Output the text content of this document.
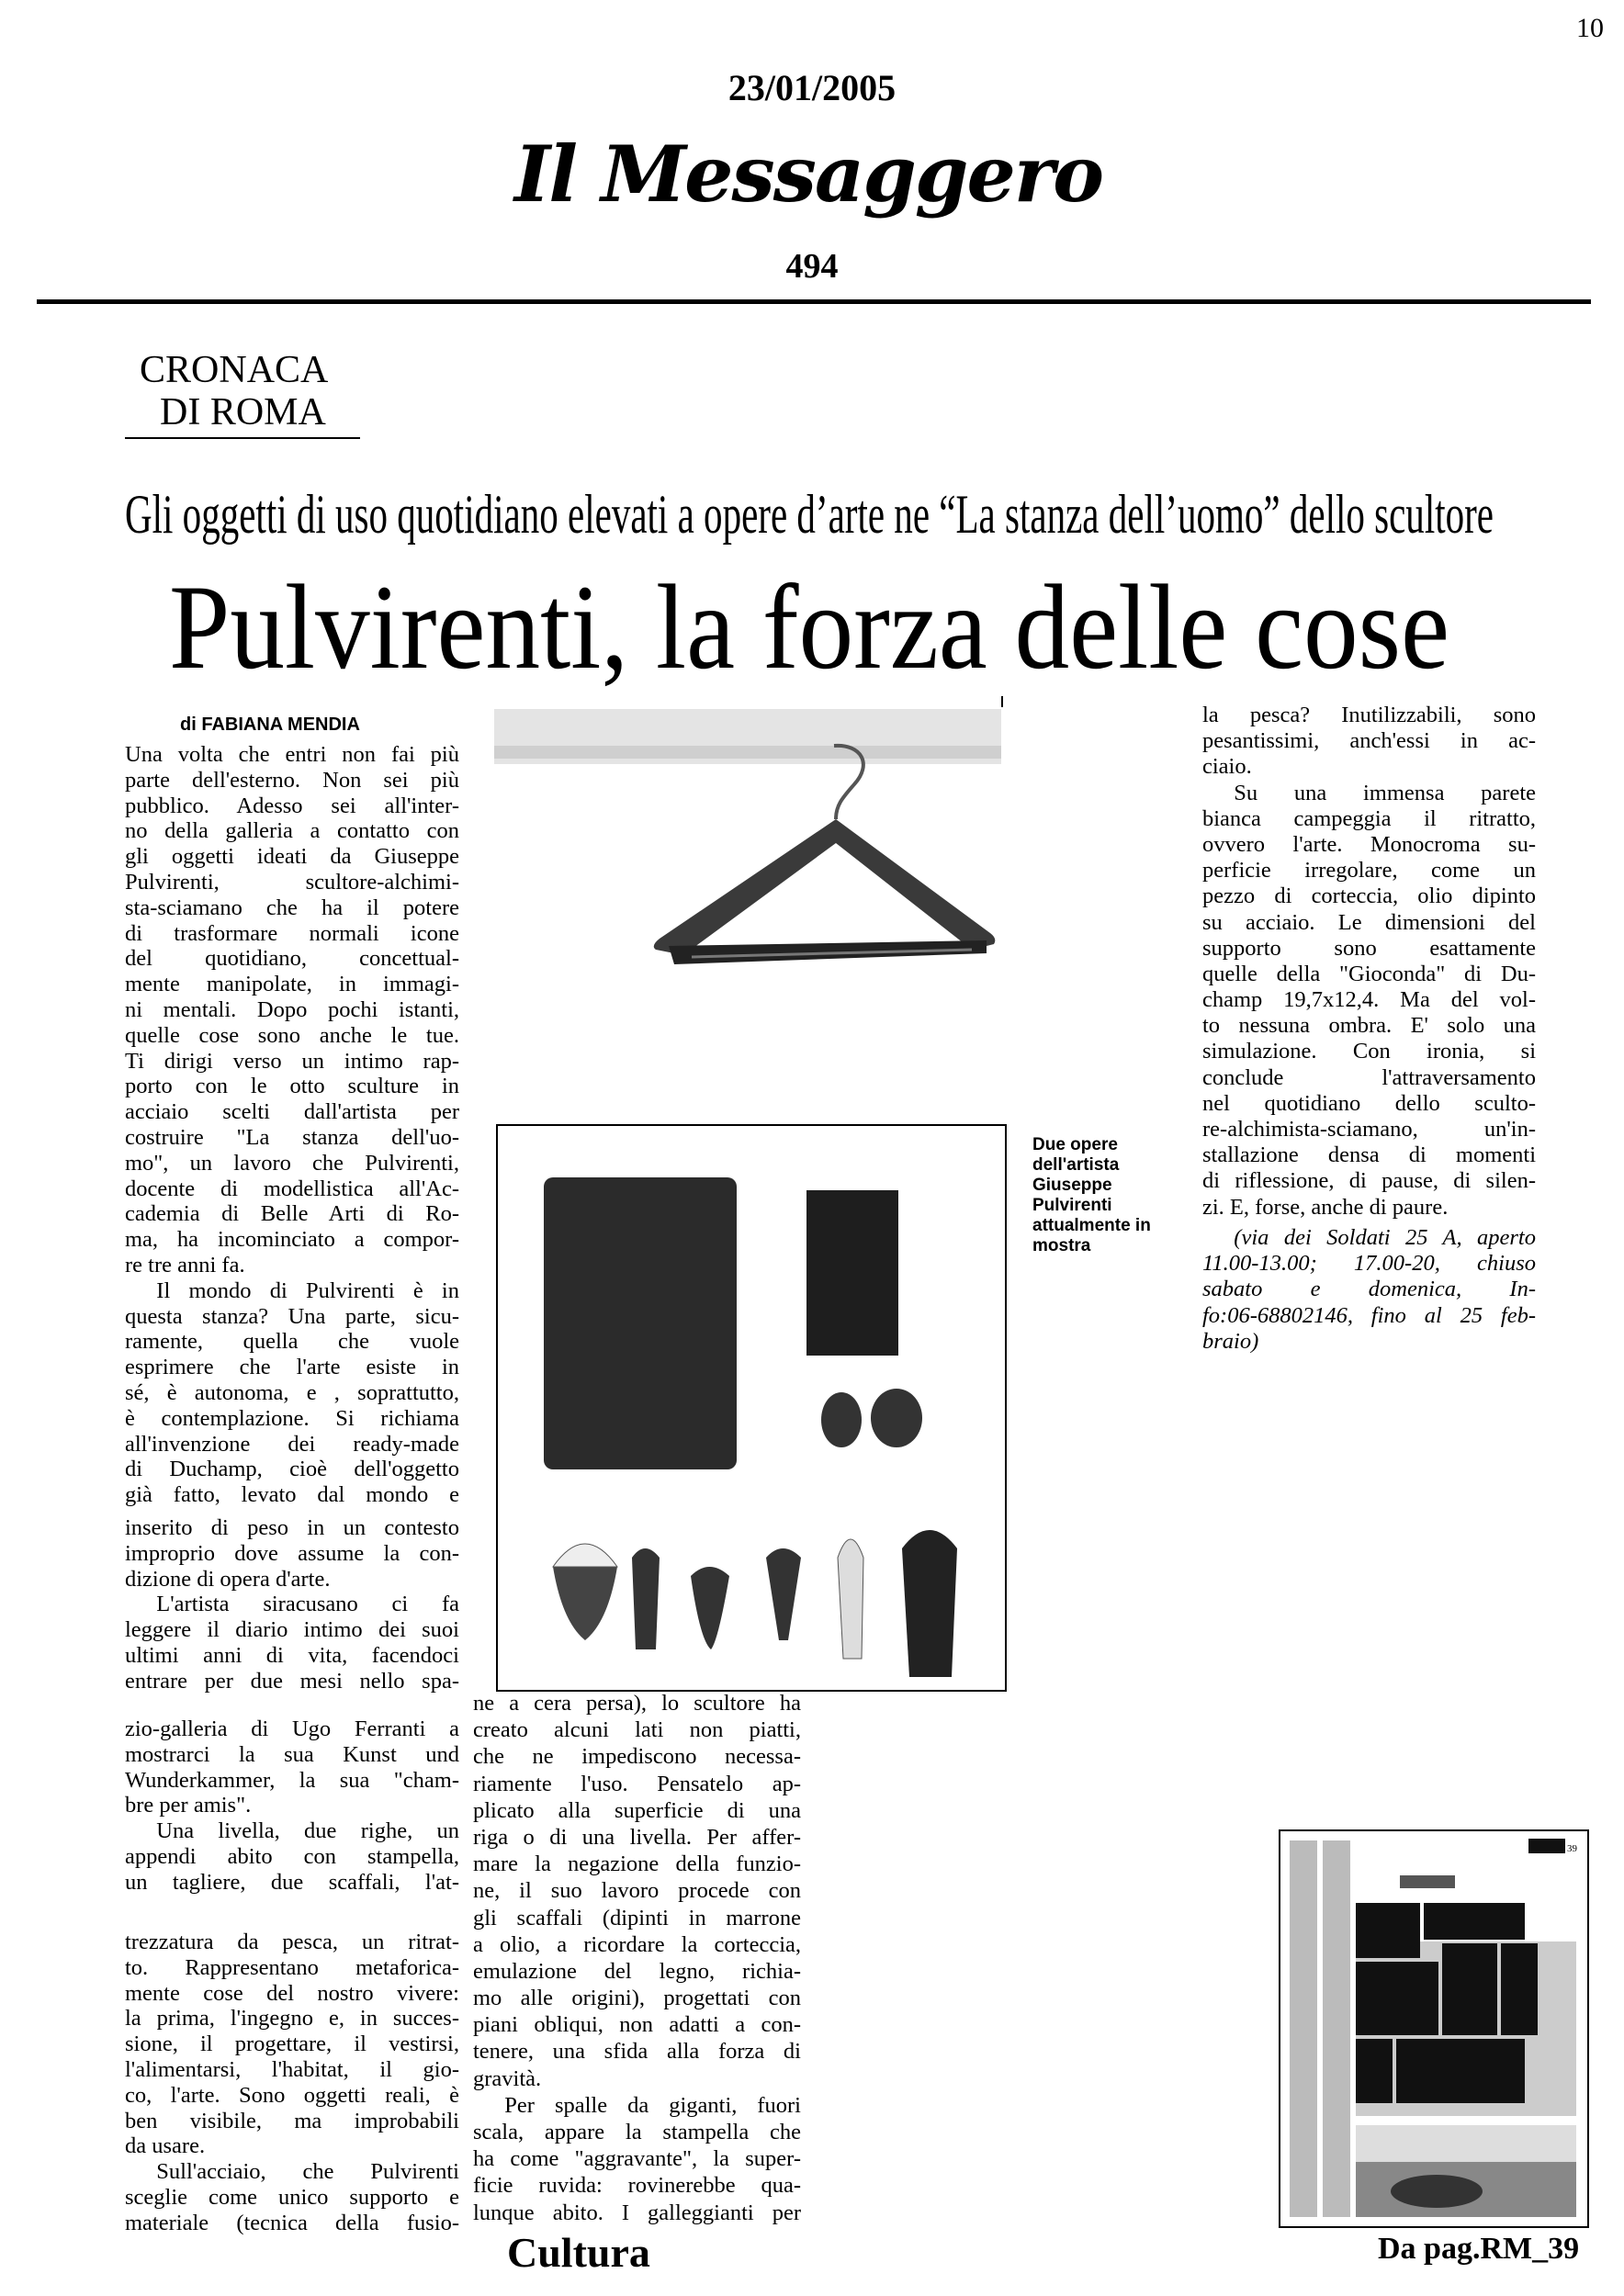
10
23/01/2005
Il Messaggero
494
CRONACA
DI ROMA
Gli oggetti di uso quotidiano elevati a opere d’arte ne “La stanza dell’uomo” dello scultore
Pulvirenti, la forza delle cose
di FABIANA MENDIA
Due opere dell'artista Giuseppe Pulvirenti attualmente in mostra
Una volta che entri non fai più
parte dell'esterno. Non sei più
pubblico. Adesso sei all'inter-
no della galleria a contatto con
gli oggetti ideati da Giuseppe
Pulvirenti, scultore-alchimi-
sta-sciamano che ha il potere
di trasformare normali icone
del quotidiano, concettual-
mente manipolate, in immagi-
ni mentali. Dopo pochi istanti,
quelle cose sono anche le tue.
Ti dirigi verso un intimo rap-
porto con le otto sculture in
acciaio scelti dall'artista per
costruire "La stanza dell'uo-
mo", un lavoro che Pulvirenti,
docente di modellistica all'Ac-
cademia di Belle Arti di Ro-
ma, ha incominciato a compor-
re tre anni fa.
Il mondo di Pulvirenti è in
questa stanza? Una parte, sicu-
ramente, quella che vuole
esprimere che l'arte esiste in
sé, è autonoma, e , soprattutto,
è contemplazione. Si richiama
all'invenzione dei ready-made
di Duchamp, cioè dell'oggetto
già fatto, levato dal mondo e
inserito di peso in un contesto
improprio dove assume la con-
dizione di opera d'arte.
L'artista siracusano ci fa
leggere il diario intimo dei suoi
ultimi anni di vita, facendoci
entrare per due mesi nello spa-
zio-galleria di Ugo Ferranti a
mostrarci la sua Kunst und
Wunderkammer, la sua "cham-
bre per amis".
Una livella, due righe, un
appendi abito con stampella,
un tagliere, due scaffali, l'at-
trezzatura da pesca, un ritrat-
to. Rappresentano metaforica-
mente cose del nostro vivere:
la prima, l'ingegno e, in succes-
sione, il progettare, il vestirsi,
l'alimentarsi, l'habitat, il gio-
co, l'arte. Sono oggetti reali, è
ben visibile, ma improbabili
da usare.
Sull'acciaio, che Pulvirenti
sceglie come unico supporto e
materiale (tecnica della fusio-
ne a cera persa), lo scultore ha
creato alcuni lati non piatti,
che ne impediscono necessa-
riamente l'uso. Pensatelo ap-
plicato alla superficie di una
riga o di una livella. Per affer-
mare la negazione della funzio-
ne, il suo lavoro procede con
gli scaffali (dipinti in marrone
a olio, a ricordare la corteccia,
emulazione del legno, richia-
mo alle origini), progettati con
piani obliqui, non adatti a con-
tenere, una sfida alla forza di
gravità.
Per spalle da giganti, fuori
scala, appare la stampella che
ha come "aggravante", la super-
ficie ruvida: rovinerebbe qua-
lunque abito. I galleggianti per
la pesca? Inutilizzabili, sono
pesantissimi, anch'essi in ac-
ciaio.
Su una immensa parete
bianca campeggia il ritratto,
ovvero l'arte. Monocroma su-
perficie irregolare, come un
pezzo di corteccia, olio dipinto
su acciaio. Le dimensioni del
supporto sono esattamente
quelle della "Gioconda" di Du-
champ 19,7x12,4. Ma del vol-
to nessuna ombra. E' solo una
simulazione. Con ironia, si
conclude l'attraversamento
nel quotidiano dello sculto-
re-alchimista-sciamano, un'in-
stallazione densa di momenti
di riflessione, di pause, di silen-
zi. E, forse, anche di paure.
(via dei Soldati 25 A, aperto
11.00-13.00; 17.00-20, chiuso
sabato e domenica, In-
fo:06-68802146, fino al 25 feb-
braio)
Cultura
39
Da pag.RM_39
